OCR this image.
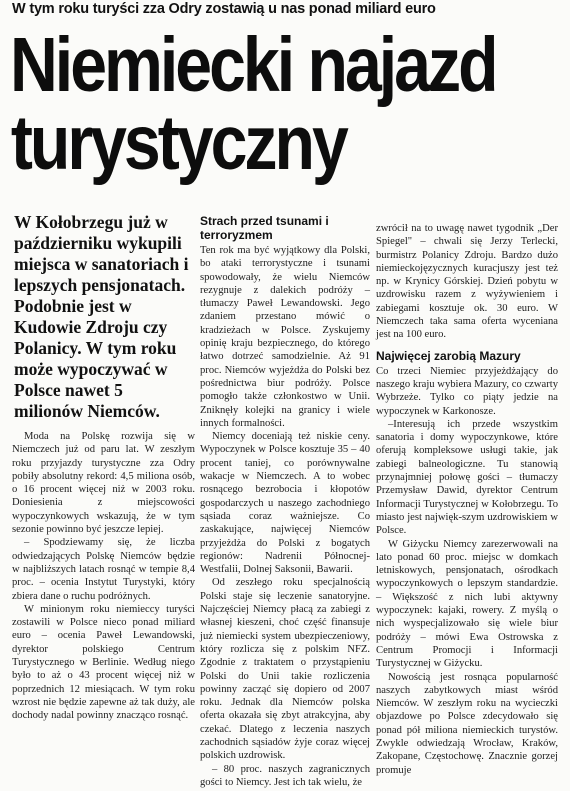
W tym roku turyści zza Odry zostawią u nas ponad miliard euro
Niemiecki najazd
turystyczny

W Kołobrzegu już w październiku wykupili miejsca w sanatoriach i lepszych pensjonatach. Podobnie jest w Kudowie Zdroju czy Polanicy. W tym roku może wypoczywać w Polsce nawet 5 milionów Niemców.

Moda na Polskę rozwija się w Niemczech już od paru lat. W zeszłym roku przyjazdy turystyczne zza Odry pobiły absolutny rekord: 4,5 miliona osób, o 16 procent więcej niż w 2003 roku. Doniesienia z miejscowości wypoczynkowych wskazują, że w tym sezonie powinno być jeszcze lepiej.

– Spodziewamy się, że liczba odwiedzających Polskę Niemców będzie w najbliższych latach rosnąć w tempie 8,4 proc. – ocenia Instytut Turystyki, który zbiera dane o ruchu podróżnych.

W minionym roku niemieccy turyści zostawili w Polsce nieco ponad miliard euro – ocenia Paweł Lewandowski, dyrektor polskiego Centrum Turystycznego w Berlinie. Według niego było to aż o 43 procent więcej niż w poprzednich 12 miesiącach. W tym roku wzrost nie będzie zapewne aż tak duży, ale dochody nadal powinny znacząco rosnąć.

Strach przed tsunami i terroryzmem

Ten rok ma być wyjątkowy dla Polski, bo ataki terrorystyczne i tsunami spowodowały, że wielu Niemców rezygnuje z dalekich podróży – tłumaczy Paweł Lewandowski. Jego zdaniem przestano mówić o kradzieżach w Polsce. Zyskujemy opinię kraju bezpiecznego, do którego łatwo dotrzeć samodzielnie. Aż 91 proc. Niemców wyjeżdża do Polski bez pośrednictwa biur podróży. Polsce pomogło także członkostwo w Unii. Zniknęły kolejki na granicy i wiele innych formalności.

Niemcy doceniają też niskie ceny. Wypoczynek w Polsce kosztuje 35 – 40 procent taniej, co porównywalne wakacje w Niemczech. A to wobec rosnącego bezrobocia i kłopotów gospodarczych u naszego zachodniego sąsiada coraz ważniejsze. Co zaskakujące, najwięcej Niemców przyjeżdża do Polski z bogatych regionów: Nadrenii Północnej-Westfalii, Dolnej Saksonii, Bawarii.

Od zeszłego roku specjalnością Polski staje się leczenie sanatoryjne. Najczęściej Niemcy płacą za zabiegi z własnej kieszeni, choć część finansuje już niemiecki system ubezpieczeniowy, który rozlicza się z polskim NFZ. Zgodnie z traktatem o przystąpieniu Polski do Unii takie rozliczenia powinny zacząć się dopiero od 2007 roku. Jednak dla Niemców polska oferta okazała się zbyt atrakcyjna, aby czekać. Dlatego z leczenia naszych zachodnich sąsiadów żyje coraz więcej polskich uzdrowisk.

– 80 proc. naszych zagranicznych gości to Niemcy. Jest ich tak wielu, że

zwrócił na to uwagę nawet tygodnik „Der Spiegel" – chwali się Jerzy Terlecki, burmistrz Polanicy Zdroju. Bardzo dużo niemieckojęzycznych kuracjuszy jest też np. w Krynicy Górskiej. Dzień pobytu w uzdrowisku razem z wyżywieniem i zabiegami kosztuje ok. 30 euro. W Niemczech taka sama oferta wyceniana jest na 100 euro.

Najwięcej zarobią Mazury

Co trzeci Niemiec przyjeżdżający do naszego kraju wybiera Mazury, co czwarty Wybrzeże. Tylko co piąty jedzie na wypoczynek w Karkonosze.

–Interesują ich przede wszystkim sanatoria i domy wypoczynkowe, które oferują kompleksowe usługi takie, jak zabiegi balneologiczne. Tu stanowią przynajmniej połowę gości – tłumaczy Przemysław Dawid, dyrektor Centrum Informacji Turystycznej w Kołobrzegu. To miasto jest najwięk-szym uzdrowiskiem w Polsce.

W Giżycku Niemcy zarezerwowali na lato ponad 60 proc. miejsc w domkach letniskowych, pensjonatach, ośrodkach wypoczynkowych o lepszym standardzie. – Większość z nich lubi aktywny wypoczynek: kajaki, rowery. Z myślą o nich wyspecjalizowało się wiele biur podróży – mówi Ewa Ostrowska z Centrum Promocji i Informacji Turystycznej w Giżycku.

Nowością jest rosnąca popularność naszych zabytkowych miast wśród Niemców. W zeszłym roku na wycieczki objazdowe po Polsce zdecydowało się ponad pół miliona niemieckich turystów. Zwykle odwiedzają Wrocław, Kraków, Zakopane, Częstochowę. Znacznie gorzej promuje
